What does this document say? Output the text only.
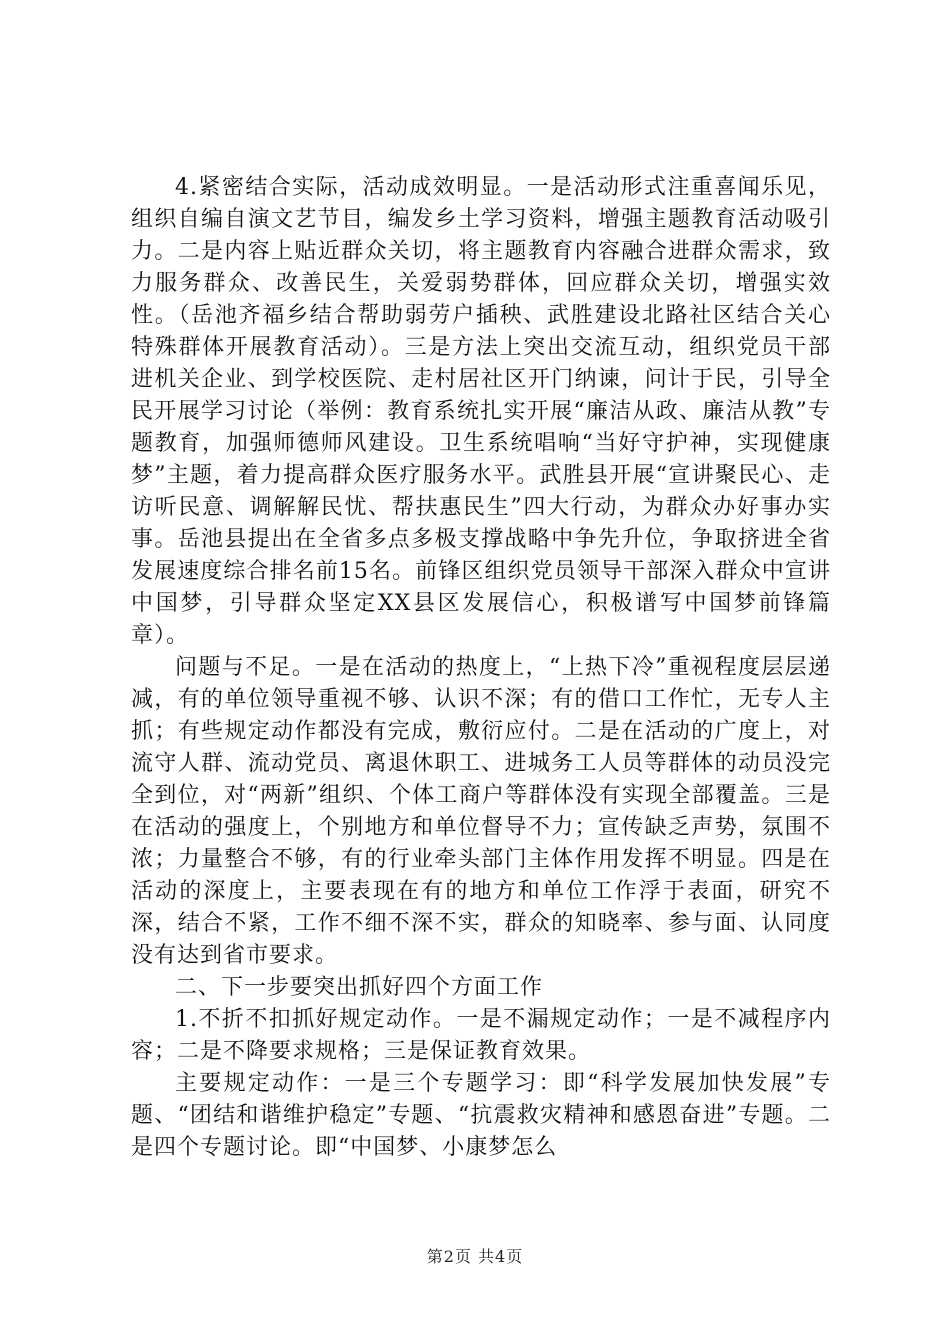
4.紧密结合实际，活动成效明显。一是活动形式注重喜闻乐见，组织自编自演文艺节目，编发乡土学习资料，增强主题教育活动吸引力。二是内容上贴近群众关切，将主题教育内容融合进群众需求，致力服务群众、改善民生，关爱弱势群体，回应群众关切，增强实效性。（岳池齐福乡结合帮助弱劳户插秧、武胜建设北路社区结合关心特殊群体开展教育活动）。三是方法上突出交流互动，组织党员干部进机关企业、到学校医院、走村居社区开门纳谏，问计于民，引导全民开展学习讨论（举例：教育系统扎实开展“廉洁从政、廉洁从教”专题教育，加强师德师风建设。卫生系统唱响“当好守护神，实现健康梦”主题，着力提高群众医疗服务水平。武胜县开展“宣讲聚民心、走访听民意、调解解民忧、帮扶惠民生”四大行动，为群众办好事办实事。岳池县提出在全省多点多极支撑战略中争先升位，争取挤进全省发展速度综合排名前15名。前锋区组织党员领导干部深入群众中宣讲中国梦，引导群众坚定XX县区发展信心，积极谱写中国梦前锋篇章）。

问题与不足。一是在活动的热度上，“上热下冷”重视程度层层递减，有的单位领导重视不够、认识不深；有的借口工作忙，无专人主抓；有些规定动作都没有完成，敷衍应付。二是在活动的广度上，对流守人群、流动党员、离退休职工、进城务工人员等群体的动员没完全到位，对“两新”组织、个体工商户等群体没有实现全部覆盖。三是在活动的强度上，个别地方和单位督导不力；宣传缺乏声势，氛围不浓；力量整合不够，有的行业牵头部门主体作用发挥不明显。四是在活动的深度上，主要表现在有的地方和单位工作浮于表面，研究不深，结合不紧，工作不细不深不实，群众的知晓率、参与面、认同度没有达到省市要求。

二、下一步要突出抓好四个方面工作

1.不折不扣抓好规定动作。一是不漏规定动作；一是不减程序内容；二是不降要求规格；三是保证教育效果。

主要规定动作：一是三个专题学习：即“科学发展加快发展”专题、“团结和谐维护稳定”专题、“抗震救灾精神和感恩奋进”专题。二是四个专题讨论。即“中国梦、小康梦怎么

第2页 共4页
